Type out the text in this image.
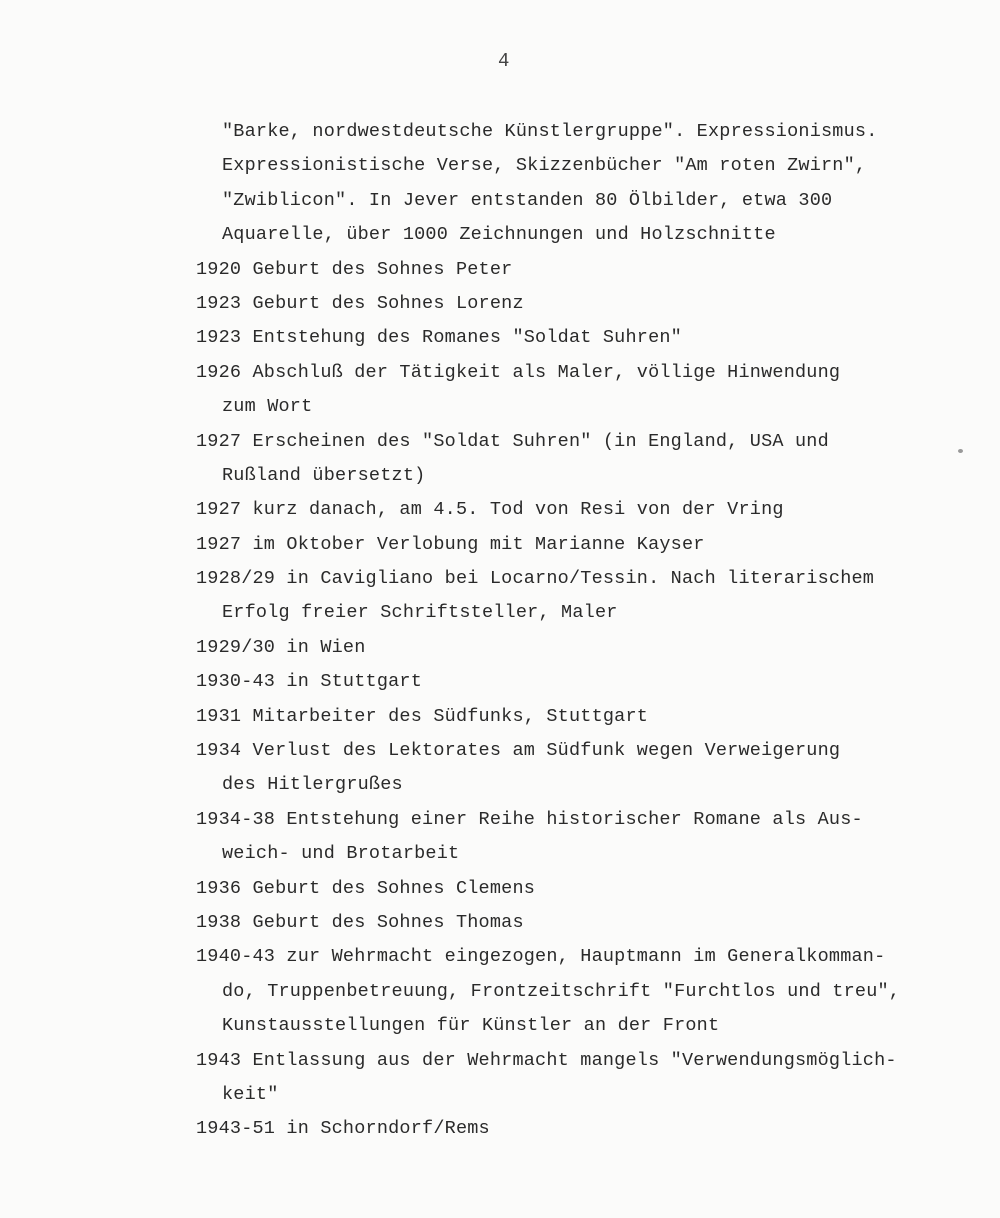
4
"Barke, nordwestdeutsche Künstlergruppe". Expressionismus.
Expressionistische Verse, Skizzenbücher "Am roten Zwirn",
"Zwiblicon". In Jever entstanden 80 Ölbilder, etwa 300
Aquarelle, über 1000 Zeichnungen und Holzschnitte
1920 Geburt des Sohnes Peter
1923 Geburt des Sohnes Lorenz
1923 Entstehung des Romanes "Soldat Suhren"
1926 Abschluß der Tätigkeit als Maler, völlige Hinwendung
zum Wort
1927 Erscheinen des "Soldat Suhren" (in England, USA und
Rußland übersetzt)
1927 kurz danach, am 4.5. Tod von Resi von der Vring
1927 im Oktober Verlobung mit Marianne Kayser
1928/29 in Cavigliano bei Locarno/Tessin. Nach literarischem
Erfolg freier Schriftsteller, Maler
1929/30 in Wien
1930-43 in Stuttgart
1931 Mitarbeiter des Südfunks, Stuttgart
1934 Verlust des Lektorates am Südfunk wegen Verweigerung
des Hitlergrußes
1934-38 Entstehung einer Reihe historischer Romane als Aus-
weich- und Brotarbeit
1936 Geburt des Sohnes Clemens
1938 Geburt des Sohnes Thomas
1940-43 zur Wehrmacht eingezogen, Hauptmann im Generalkomman-
do, Truppenbetreuung, Frontzeitschrift "Furchtlos und treu",
Kunstausstellungen für Künstler an der Front
1943 Entlassung aus der Wehrmacht mangels "Verwendungsmöglich-
keit"
1943-51 in Schorndorf/Rems
